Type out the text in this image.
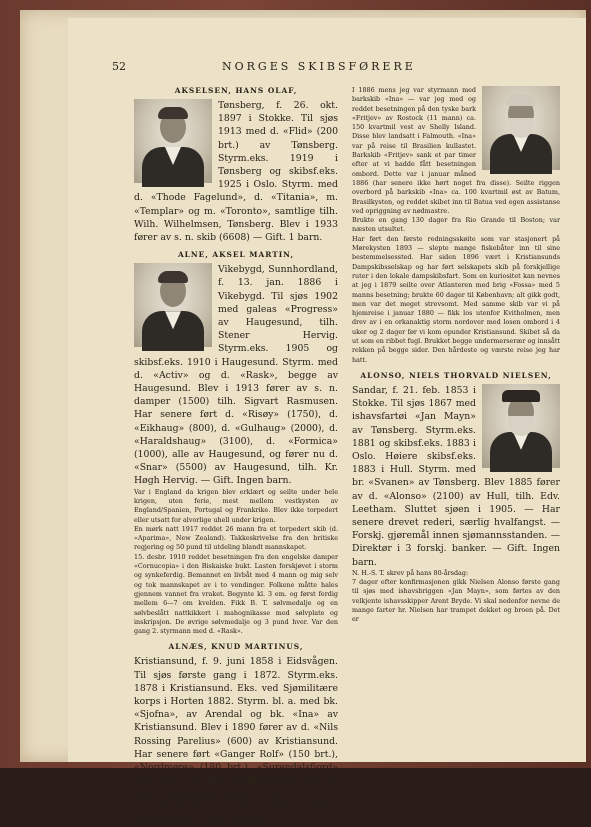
52	NORGES SKIBSFØRERE
AKSELSEN, HANS OLAF,

Tønsberg, f. 26. okt. 1897 i Stokke. Til sjøs 1913 med d. «Flid» (200 brt.) av Tønsberg. Styrm.eks. 1919 i Tønsberg og skibsf.eks. 1925 i Oslo. Styrm. med d. «Thode Fagelund», d. «Titania», m. «Templar» og m. «Toronto», samtlige tilh. Wilh. Wilhelmsen, Tønsberg. Blev i 1933 fører av s. n. skib (6608) — Gift. 1 barn.

ALNE, AKSEL MARTIN,

Vikebygd, Sunnhordland, f. 13. jan. 1886 i Vikebygd. Til sjøs 1902 med galeas «Progress» av Haugesund, tilh. Stener Hervig. Styrm.eks. 1905 og skibsf.eks. 1910 i Haugesund. Styrm. med d. «Activ» og d. «Rask», begge av Haugesund. Blev i 1913 fører av s. n. damper (1500) tilh. Sigvart Rasmusen. Har senere ført d. «Risøy» (1750), d. «Eikhaug» (800), d. «Gulhaug» (2000), d. «Haraldshaug» (3100), d. «Formica» (1000), alle av Haugesund, og fører nu d. «Snar» (5500) av Haugesund, tilh. Kr. Høgh Hervig. — Gift. Ingen barn.

Var i England da krigen blev erklært og seilte under hele krigen, uten ferie, mest mellem vestkysten av England/Spanien, Portugal og Frankrike. Blev ikke torpedert eller utsatt for alvorlige uhell under krigen.

En mørk natt 1917 reddet 26 mann fra et torpedert skib (d. «Aparima», New Zealand). Takkeskrivelse fra den britiske regjering og 50 pund til utdeling blandt mannskapet.

15. desbr. 1910 reddet besetningen fra den engelske damper «Cornucopia» i den Biskaiske bukt. Lasten forskjøvet i storm og synkeferdig. Bemannet en livbåt med 4 mann og mig selv og tok mannskapet av i to vendinger. Folkene måtte hales gjennem vannet fra vraket. Begynte kl. 3 em. og først ferdig mellem 6—7 om kvelden. Fikk B. T. sølvmedalje og en sølvbeslått nattkikkert i mahognikasse med sølvplate og inskripsjon. De øvrige sølvmedalje og 3 pund hver. Var den gang 2. styrmann med d. «Rask».

ALNÆS, KNUD MARTINUS,

Kristiansund, f. 9. juni 1858 i Eidsvågen. Til sjøs første gang i 1872. Styrm.eks. 1878 i Kristiansund. Eks. ved Sjømilitære korps i Horten 1882. Styrm. bl. a. med bk. «Sjofna», av Arendal og bk. «Ina» av Kristiansund. Blev i 1890 fører av d. «Nils Rossing Parelius» (600) av Kristiansund. Har senere ført «Ganger Rolf» (150 brt.), «Nordmøre» (180 brt.), «Surendalsfjord» (350 brt.), alle tilh. Nordmøre D.s. A.s., og fører nu passagerskibet «Driva» (320 brt.) av Kristiansund, tilh. Møre fylkes ruteselskab. — Gift. 6 barn.

I 1886 mens jeg var styrmann med barkskib «Ina» — var jeg med og reddet besetningen på den tyske bark «Fritjev» av Rostock (11 mann) ca. 150 kvartmil vest av Shelly Island. Disse blev landsatt i Falmouth. «Ina» var på reise til Brasilien kullastet. Barkskib «Fritjev» sank et par timer efter at vi hadde fått besetningen ombord. Dette var i januar måned 1886 (har senere ikke hørt noget fra disse). Seilte riggen overbord på barkskib «Ina» ca. 100 kvartmil øst av Batum, Brasilkysten, og reddet skibet inn til Batua ved egen assistanse ved opriggning av nødmastre.

Brukte en gang 130 dager fra Rio Grande til Boston; var næsten utsultet.

Har ført den første redningsskøite som var stasjonert på Mørekysten 1893 — slepte mange fiskebåter inn til sine bestemmelsessted. Har siden 1896 vært i Kristiansunds Dampskibsselskap og har ført selskapets skib på forskjellige ruter i den lokale dampskibsfart. Som en kuriositet kan nevnes at jeg i 1879 seilte over Atlanteren med brig «Fossa» med 5 manns besetning; brukte 60 dager til København; alt gikk godt, men var det meget strevsomt. Med samme skib var vi på hjemreise i januar 1880 — fikk los utenfor Kvitholmen, men drev av i en orkanaktig storm nordover med losen ombord i 4 uker og 2 dager før vi kom opunder Kristiansund. Skibet så da ut som en ribbet fugl. Brukket begge undermerserær og innsått rekken på begge sider. Den hårdeste og værste reise jeg har hatt.

ALONSO, NIELS THORVALD NIELSEN,

Sandar, f. 21. feb. 1853 i Stokke. Til sjøs 1867 med ishavsfartøi «Jan Mayn» av Tønsberg. Styrm.eks. 1881 og skibsf.eks. 1883 i Oslo. Høiere skibsf.eks. 1883 i Hull. Styrm. med br. «Svanen» av Tønsberg. Blev 1885 fører av d. «Alonso» (2100) av Hull, tilh. Edv. Leetham. Sluttet sjøen i 1905. — Har senere drevet rederi, særlig hvalfangst. — Forskj. gjøremål innen sjømannsstanden. — Direktør i 3 forskj. banker. — Gift. Ingen barn.

N. H.-S. T. skrev på hans 80-årsdag:

7 dager efter konfirmasjonen gikk Nielsen Alonso første gang til sjøs med ishavsbriggen «Jan Mayn», som førtes av den velkjente ishavsskipper Arent Bryde. Vi skal nedenfor nevne de mange farter hr. Nielsen har trampet dekket og broen på. Det er
